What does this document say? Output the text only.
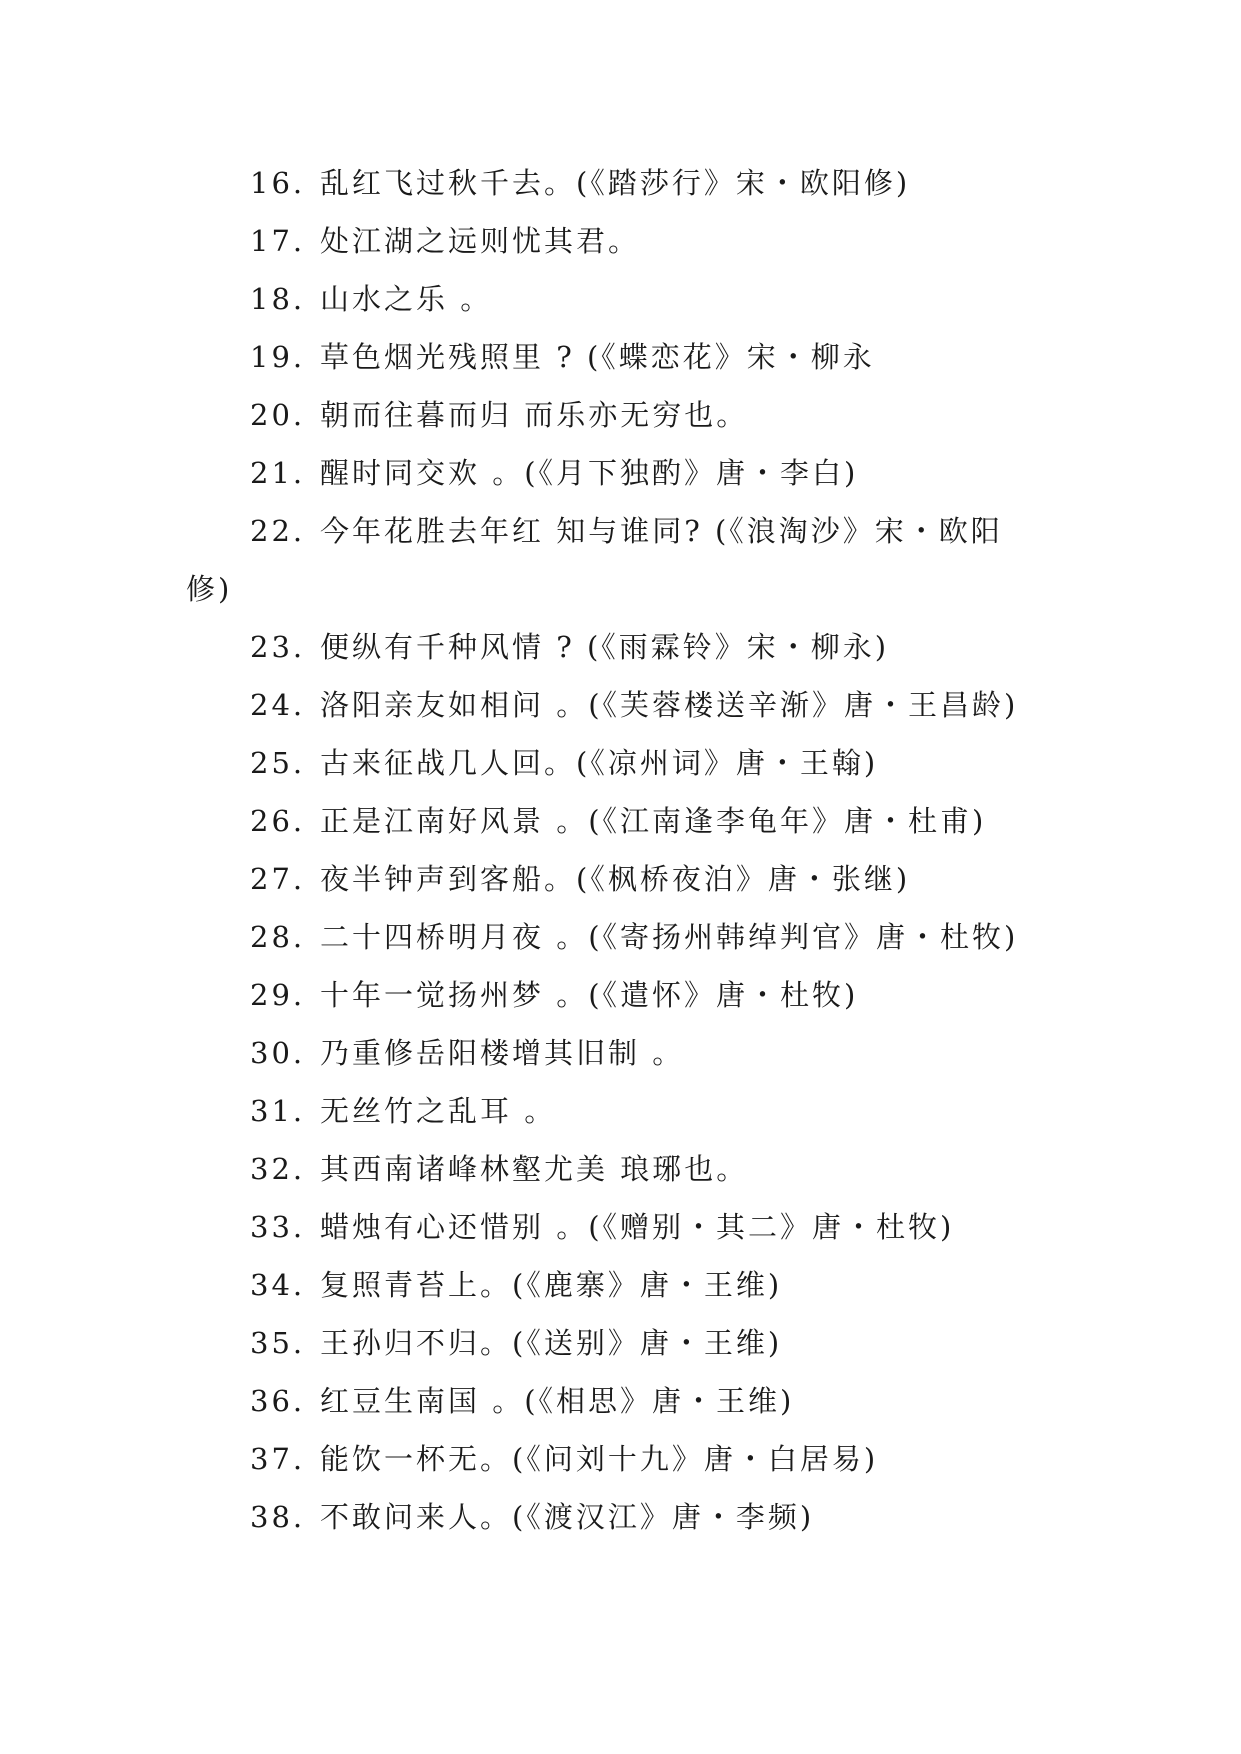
16. 乱红飞过秋千去。(《踏莎行》宋・欧阳修)
17. 处江湖之远则忧其君。
18. 山水之乐 。
19. 草色烟光残照里 ? (《蝶恋花》宋・柳永
20. 朝而往暮而归 而乐亦无穷也。
21. 醒时同交欢 。(《月下独酌》唐・李白)
22. 今年花胜去年红 知与谁同? (《浪淘沙》宋・欧阳
修)
23. 便纵有千种风情 ? (《雨霖铃》宋・柳永)
24. 洛阳亲友如相问 。(《芙蓉楼送辛渐》唐・王昌龄)
25. 古来征战几人回。(《凉州词》唐・王翰)
26. 正是江南好风景 。(《江南逢李龟年》唐・杜甫)
27. 夜半钟声到客船。(《枫桥夜泊》唐・张继)
28. 二十四桥明月夜 。(《寄扬州韩绰判官》唐・杜牧)
29. 十年一觉扬州梦 。(《遣怀》唐・杜牧)
30. 乃重修岳阳楼增其旧制 。
31. 无丝竹之乱耳 。
32. 其西南诸峰林壑尤美 琅琊也。
33. 蜡烛有心还惜别 。(《赠别・其二》唐・杜牧)
34. 复照青苔上。(《鹿寨》唐・王维)
35. 王孙归不归。(《送别》唐・王维)
36. 红豆生南国 。(《相思》唐・王维)
37. 能饮一杯无。(《问刘十九》唐・白居易)
38. 不敢问来人。(《渡汉江》唐・李频)
